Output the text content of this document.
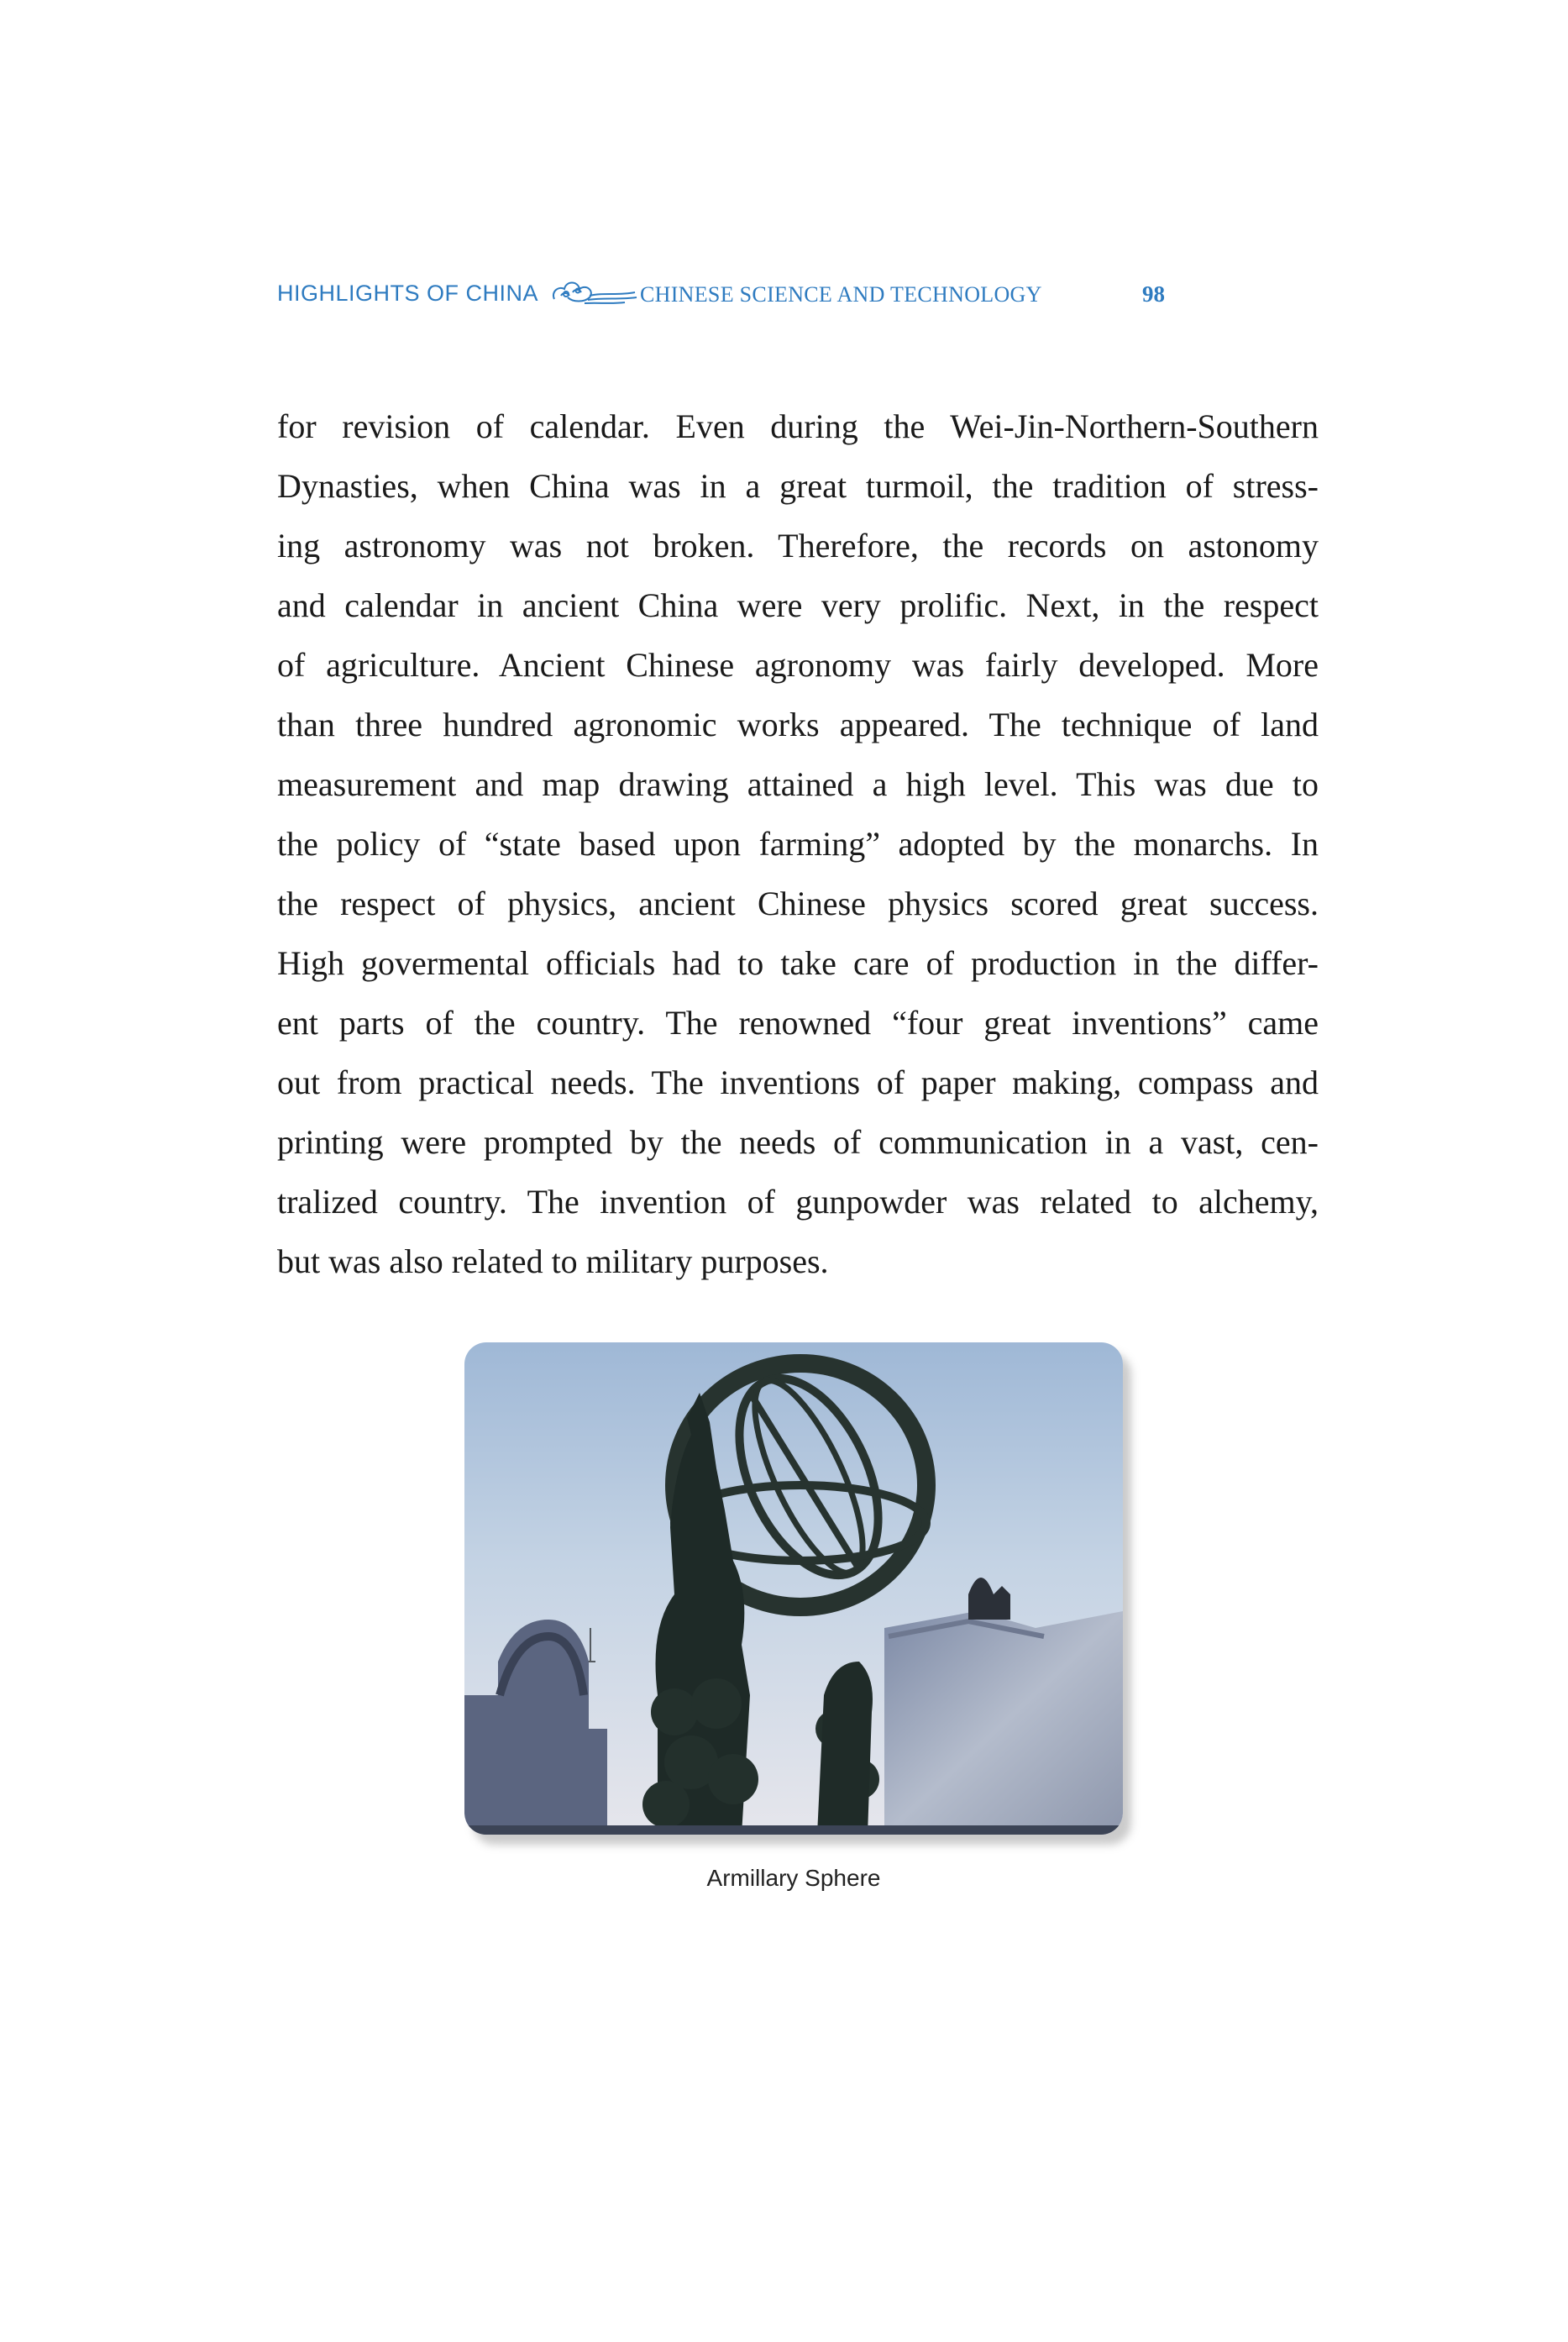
HIGHLIGHTS OF CHINA	CHINESE SCIENCE AND TECHNOLOGY	98
for revision of calendar. Even during the Wei-Jin-Northern-Southern
Dynasties, when China was in a great turmoil, the tradition of stress-
ing astronomy was not broken. Therefore, the records on astonomy
and calendar in ancient China were very prolific. Next, in the respect
of agriculture. Ancient Chinese agronomy was fairly developed. More
than three hundred agronomic works appeared. The technique of land
measurement and map drawing attained a high level. This was due to
the policy of “state based upon farming” adopted by the monarchs. In
the respect of physics, ancient Chinese physics scored great success.
High govermental officials had to take care of production in the differ-
ent parts of the country. The renowned “four great inventions” came
out from practical needs. The inventions of paper making, compass and
printing were prompted by the needs of communication in a vast, cen-
tralized country. The invention of gunpowder was related to alchemy,
but was also related to military purposes.
Armillary Sphere
